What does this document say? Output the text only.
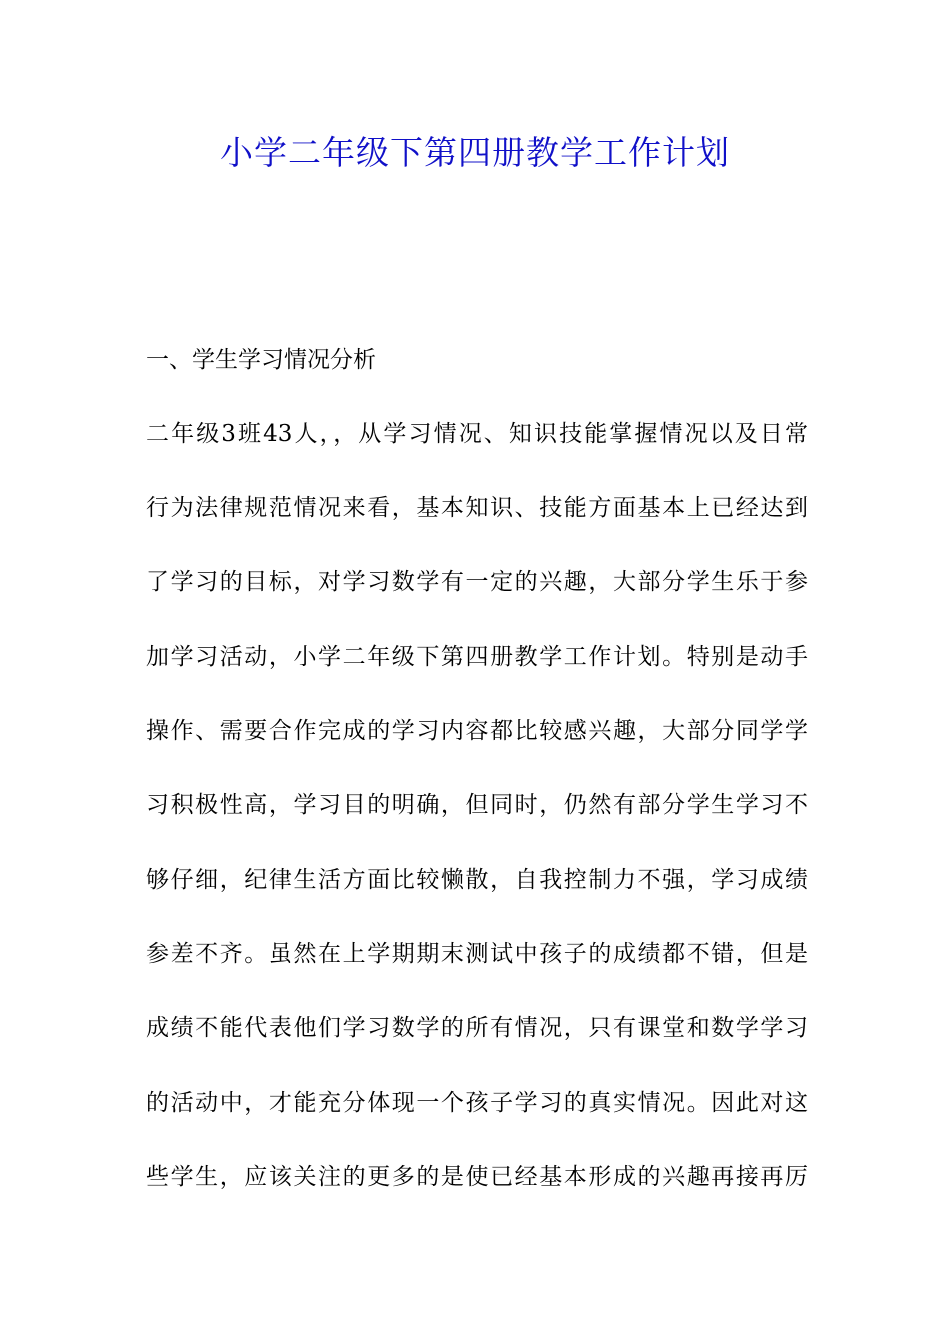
小学二年级下第四册教学工作计划

一、学生学习情况分析

二年级3班43人，，从学习情况、知识技能掌握情况以及日常

行为法律规范情况来看，基本知识、技能方面基本上已经达到

了学习的目标，对学习数学有一定的兴趣，大部分学生乐于参

加学习活动，小学二年级下第四册教学工作计划。特别是动手

操作、需要合作完成的学习内容都比较感兴趣，大部分同学学

习积极性高，学习目的明确，但同时，仍然有部分学生学习不

够仔细，纪律生活方面比较懒散，自我控制力不强，学习成绩

参差不齐。虽然在上学期期末测试中孩子的成绩都不错，但是

成绩不能代表他们学习数学的所有情况，只有课堂和数学学习

的活动中，才能充分体现一个孩子学习的真实情况。因此对这

些学生，应该关注的更多的是使已经基本形成的兴趣再接再厉
